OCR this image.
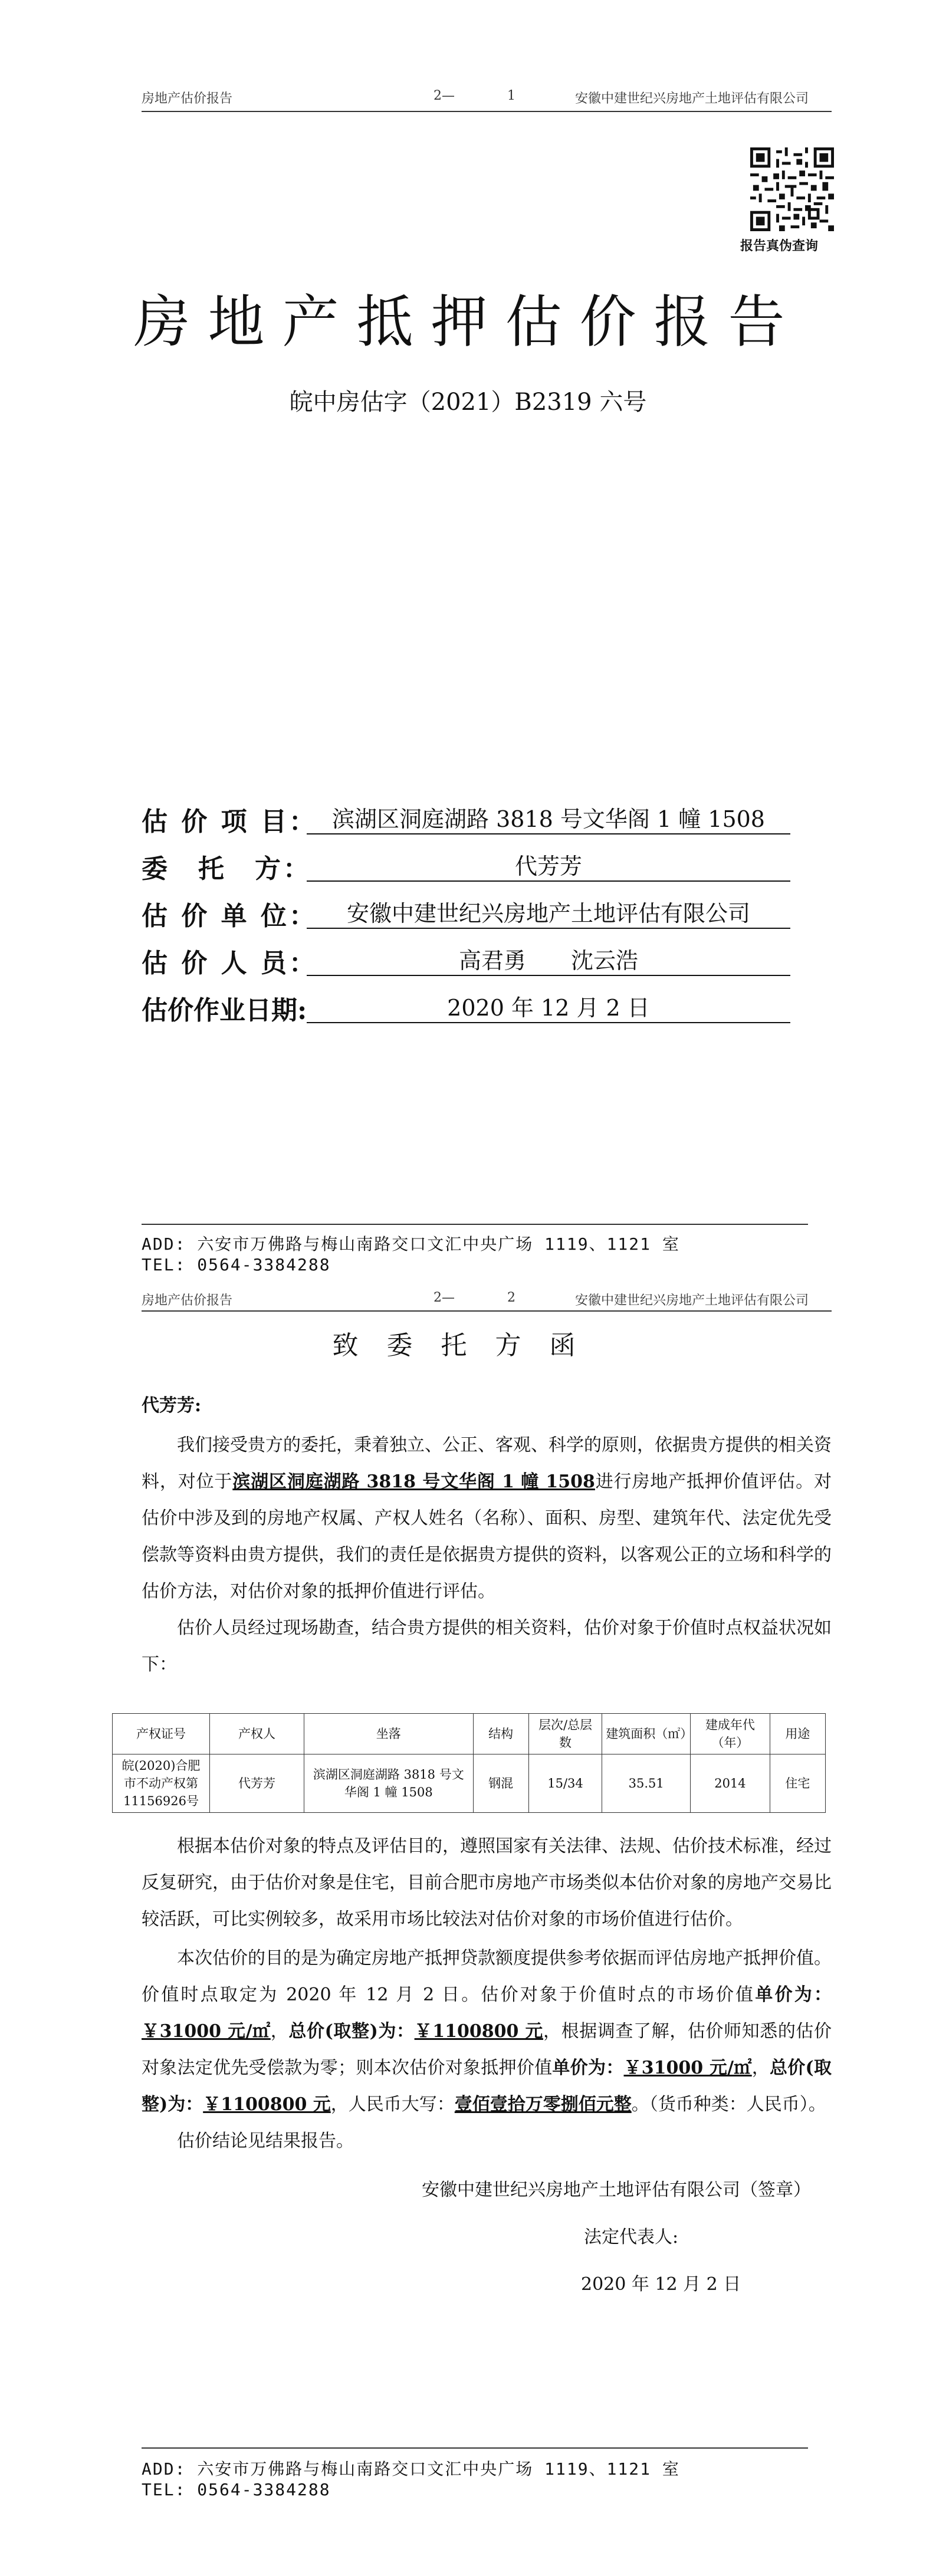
房地产估价报告	2—	1	安徽中建世纪兴房地产土地评估有限公司
报告真伪查询
房地产抵押估价报告
皖中房估字（2021）B2319 六号
估 价 项 目： 滨湖区洞庭湖路 3818 号文华阁 1 幢 1508
委　托　方：	代芳芳
估 价 单 位：	安徽中建世纪兴房地产土地评估有限公司
估 价 人 员：	高君勇　　沈云浩
估价作业日期:	2020 年 12 月 2 日
ADD: 六安市万佛路与梅山南路交口文汇中央广场 1119、1121 室
TEL: 0564-3384288
房地产估价报告	2—	2	安徽中建世纪兴房地产土地评估有限公司
致委托方函
代芳芳:
我们接受贵方的委托，秉着独立、公正、客观、科学的原则，依据贵方提供的相关资料，对位于滨湖区洞庭湖路 3818 号文华阁 1 幢 1508进行房地产抵押价值评估。对估价中涉及到的房地产权属、产权人姓名（名称）、面积、房型、建筑年代、法定优先受偿款等资料由贵方提供，我们的责任是依据贵方提供的资料，以客观公正的立场和科学的估价方法，对估价对象的抵押价值进行评估。
估价人员经过现场勘查，结合贵方提供的相关资料，估价对象于价值时点权益状况如下：
产权证号	产权人	坐落	结构	层次/总层数	建筑面积（㎡）	建成年代（年）	用途
皖(2020)合肥市不动产权第11156926号	代芳芳	滨湖区洞庭湖路 3818 号文华阁 1 幢 1508	钢混	15/34	35.51	2014	住宅
根据本估价对象的特点及评估目的，遵照国家有关法律、法规、估价技术标准，经过反复研究，由于估价对象是住宅，目前合肥市房地产市场类似本估价对象的房地产交易比较活跃，可比实例较多，故采用市场比较法对估价对象的市场价值进行估价。
本次估价的目的是为确定房地产抵押贷款额度提供参考依据而评估房地产抵押价值。价值时点取定为 2020 年 12 月 2 日。估价对象于价值时点的市场价值单价为：￥31000 元/㎡，总价(取整)为：￥1100800 元，根据调查了解，估价师知悉的估价对象法定优先受偿款为零；则本次估价对象抵押价值单价为：￥31000 元/㎡，总价(取整)为：￥1100800 元，人民币大写：壹佰壹拾万零捌佰元整。（货币种类：人民币）。
估价结论见结果报告。
安徽中建世纪兴房地产土地评估有限公司（签章）
法定代表人:
2020 年 12 月 2 日
ADD: 六安市万佛路与梅山南路交口文汇中央广场 1119、1121 室
TEL: 0564-3384288
